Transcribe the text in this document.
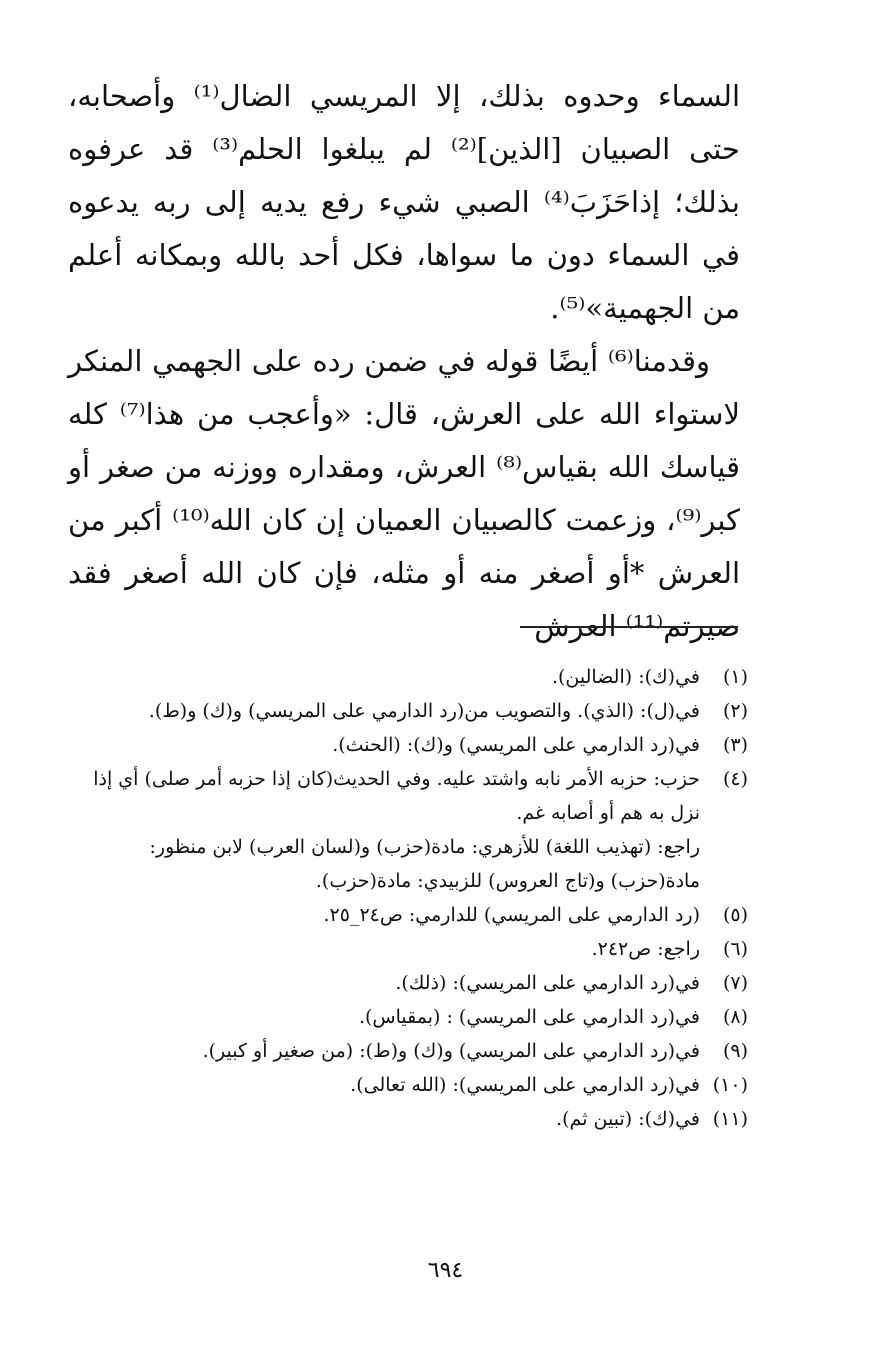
السماء وحدوه بذلك، إلا المريسي الضال⁽¹⁾ وأصحابه، حتى الصبيان [الذين]⁽²⁾ لم يبلغوا الحلم⁽³⁾ قد عرفوه بذلك؛ إذاحَزَبَ⁽⁴⁾ الصبي شيء رفع يديه إلى ربه يدعوه في السماء دون ما سواها، فكل أحد بالله وبمكانه أعلم من الجهمية»⁽⁵⁾.

وقدمنا⁽⁶⁾ أيضًا قوله في ضمن رده على الجهمي المنكر لاستواء الله على العرش، قال: «وأعجب من هذا⁽⁷⁾ كله قياسك الله بقياس⁽⁸⁾ العرش، ومقداره ووزنه من صغر أو كبر⁽⁹⁾، وزعمت كالصبيان العميان إن كان الله⁽¹⁰⁾ أكبر من العرش *أو أصغر منه أو مثله، فإن كان الله أصغر فقد صيرتم⁽¹¹⁾ العرش

(١)
في(ك): (الضالين).
(٢)
في(ل): (الذي). والتصويب من(رد الدارمي على المريسي) و(ك) و(ط).
(٣)
في(رد الدارمي على المريسي) و(ك): (الحنث).
(٤)
حزب: حزبه الأمر نابه واشتد عليه. وفي الحديث(كان إذا حزبه أمر صلى) أي إذا نزل به هم أو أصابه غم.
راجع: (تهذيب اللغة) للأزهري: مادة(حزب) و(لسان العرب) لابن منظور: مادة(حزب) و(تاج العروس) للزبيدي: مادة(حزب).
(٥)
(رد الدارمي على المريسي) للدارمي: ص٢٤_٢٥.
(٦)
راجع: ص٢٤٢.
(٧)
في(رد الدارمي على المريسي): (ذلك).
(٨)
في(رد الدارمي على المريسي) : (بمقياس).
(٩)
في(رد الدارمي على المريسي) و(ك) و(ط): (من صغير أو كبير).
(١٠)
في(رد الدارمي على المريسي): (الله تعالى).
(١١)
في(ك): (تبين ثم).
٦٩٤
